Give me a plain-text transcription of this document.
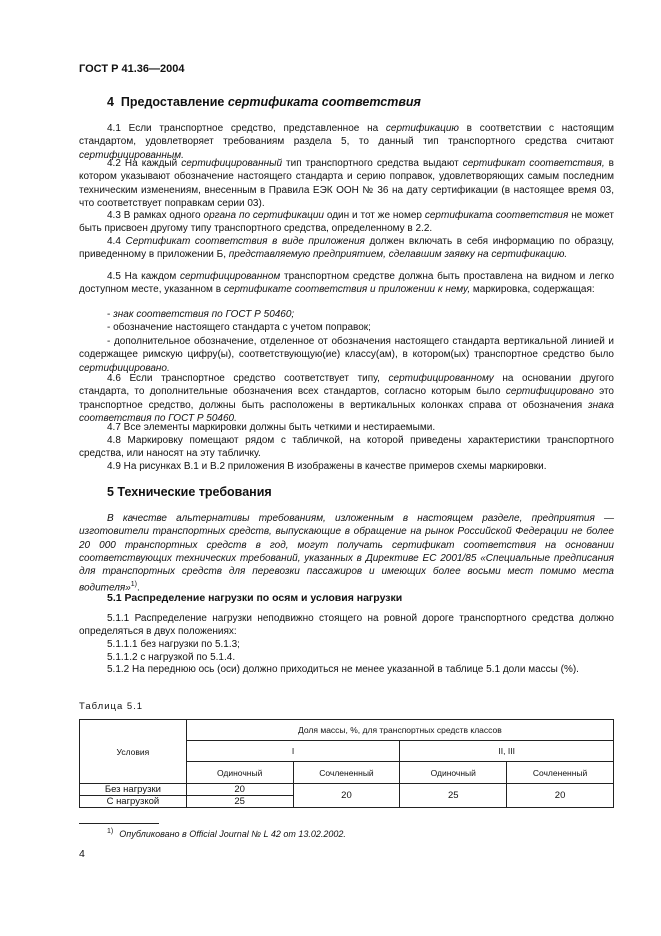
ГОСТ Р 41.36—2004
4 Предоставление сертификата соответствия

4.1 Если транспортное средство, представленное на сертификацию в соответствии с настоящим стандартом, удовлетворяет требованиям раздела 5, то данный тип транспортного средства считают сертифицированным.

4.2 На каждый сертифицированный тип транспортного средства выдают сертификат соответствия, в котором указывают обозначение настоящего стандарта и серию поправок, удовлетворяющих самым последним техническим изменениям, внесенным в Правила ЕЭК ООН № 36 на дату сертификации (в настоящее время 03, что соответствует поправкам серии 03).

4.3 В рамках одного органа по сертификации один и тот же номер сертификата соответствия не может быть присвоен другому типу транспортного средства, определенному в 2.2.

4.4 Сертификат соответствия в виде приложения должен включать в себя информацию по образцу, приведенному в приложении Б, представляемую предприятием, сделавшим заявку на сертификацию.

4.5 На каждом сертифицированном транспортном средстве должна быть проставлена на видном и легко доступном месте, указанном в сертификате соответствия и приложении к нему, маркировка, содержащая:

- знак соответствия по ГОСТ Р 50460;

- обозначение настоящего стандарта с учетом поправок;

- дополнительное обозначение, отделенное от обозначения настоящего стандарта вертикальной линией и содержащее римскую цифру(ы), соответствующую(ие) классу(ам), в котором(ых) транспортное средство было сертифицировано.

4.6 Если транспортное средство соответствует типу, сертифицированному на основании другого стандарта, то дополнительные обозначения всех стандартов, согласно которым было сертифицировано это транспортное средство, должны быть расположены в вертикальных колонках справа от обозначения знака соответствия по ГОСТ Р 50460.

4.7 Все элементы маркировки должны быть четкими и нестираемыми.

4.8 Маркировку помещают рядом с табличкой, на которой приведены характеристики транспортного средства, или наносят на эту табличку.

4.9 На рисунках В.1 и В.2 приложения В изображены в качестве примеров схемы маркировки.

5 Технические требования

В качестве альтернативы требованиям, изложенным в настоящем разделе, предприятия — изготовители транспортных средств, выпускающие в обращение на рынок Российской Федерации не более 20 000 транспортных средств в год, могут получать сертификат соответствия на основании соответствующих технических требований, указанных в Директиве ЕС 2001/85 «Специальные предписания для транспортных средств для перевозки пассажиров и имеющих более восьми мест помимо места водителя»$^{1)}$.

5.1 Распределение нагрузки по осям и условия нагрузки

5.1.1 Распределение нагрузки неподвижно стоящего на ровной дороге транспортного средства должно определяться в двух положениях:

5.1.1.1 без нагрузки по 5.1.3;

5.1.1.2 с нагрузкой по 5.1.4.

5.1.2 На переднюю ось (оси) должно приходиться не менее указанной в таблице 5.1 доли массы (%).

Таблица 5.1
Условия	Доля массы, %, для транспортных средств классов			
	I		II, III	
	Одиночный	Сочлененный	Одиночный	Сочлененный
Без нагрузки	20	20	25	20
С нагрузкой	25			
$^{1)}$ Опубликовано в Official Journal № L 42 от 13.02.2002.
4
